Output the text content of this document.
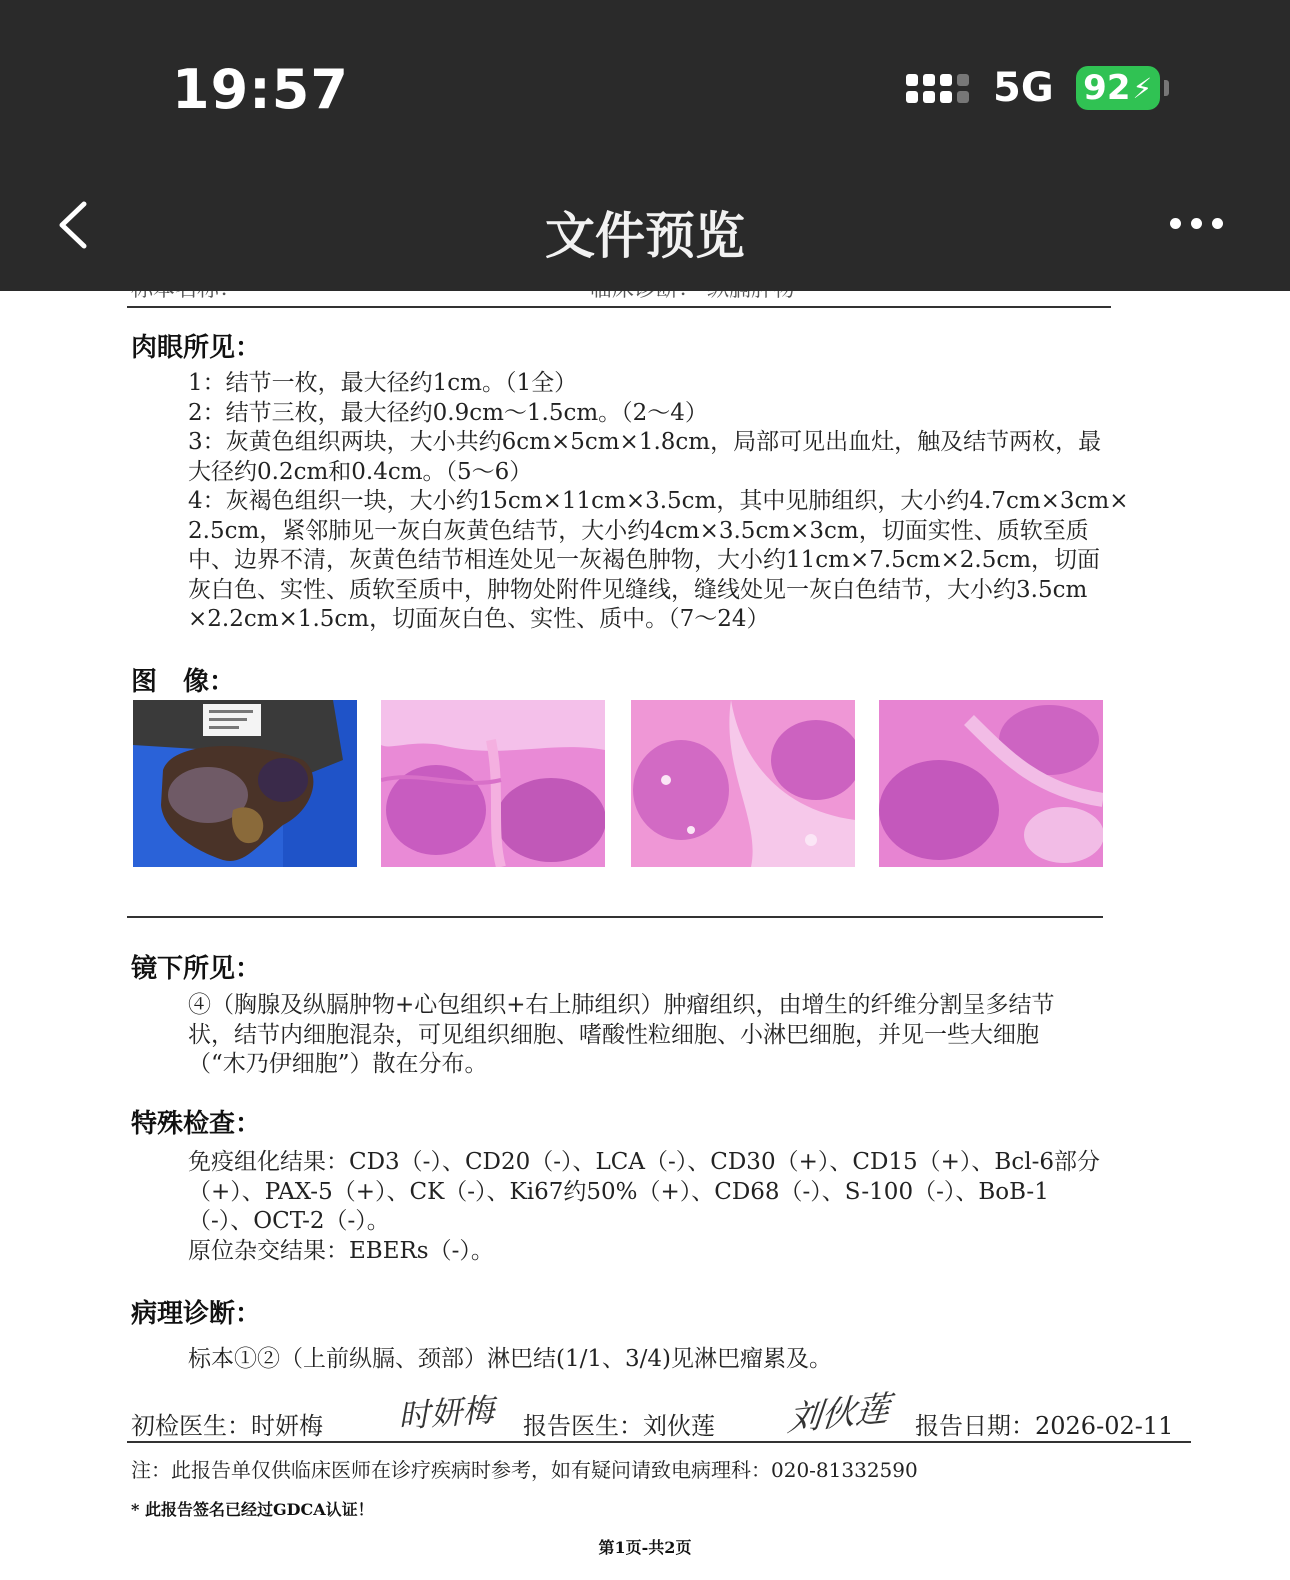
肉眼所见：

1：结节一枚，最大径约1cm。（1全）

2：结节三枚，最大径约0.9cm～1.5cm。（2～4）

3：灰黄色组织两块，大小共约6cm×5cm×1.8cm，局部可见出血灶，触及结节两枚，最

大径约0.2cm和0.4cm。（5～6）

4：灰褐色组织一块，大小约15cm×11cm×3.5cm，其中见肺组织，大小约4.7cm×3cm×

2.5cm，紧邻肺见一灰白灰黄色结节，大小约4cm×3.5cm×3cm，切面实性、质软至质

中、边界不清，灰黄色结节相连处见一灰褐色肿物，大小约11cm×7.5cm×2.5cm，切面

灰白色、实性、质软至质中，肿物处附件见缝线，缝线处见一灰白色结节，大小约3.5cm

×2.2cm×1.5cm，切面灰白色、实性、质中。（7～24）

图　像：
镜下所见：

④（胸腺及纵膈肿物+心包组织+右上肺组织）肿瘤组织，由增生的纤维分割呈多结节

状，结节内细胞混杂，可见组织细胞、嗜酸性粒细胞、小淋巴细胞，并见一些大细胞

（“木乃伊细胞”）散在分布。

特殊检查：

免疫组化结果：CD3（-）、CD20（-）、LCA（-）、CD30（+）、CD15（+）、Bcl-6部分

（+）、PAX-5（+）、CK（-）、Ki67约50%（+）、CD68（-）、S-100（-）、BoB-1

（-）、OCT-2（-）。

原位杂交结果：EBERs（-）。

病理诊断：

标本①②（上前纵膈、颈部）淋巴结(1/1、3/4)见淋巴瘤累及。

初检医生：时妍梅 时妍梅 报告医生：刘伙莲 刘伙莲 报告日期：2026-02-11
注：此报告单仅供临床医师在诊疗疾病时参考，如有疑问请致电病理科：020-81332590
* 此报告签名已经过GDCA认证！
第1页-共2页
19:57	5G 92 ⚡
文件预览
